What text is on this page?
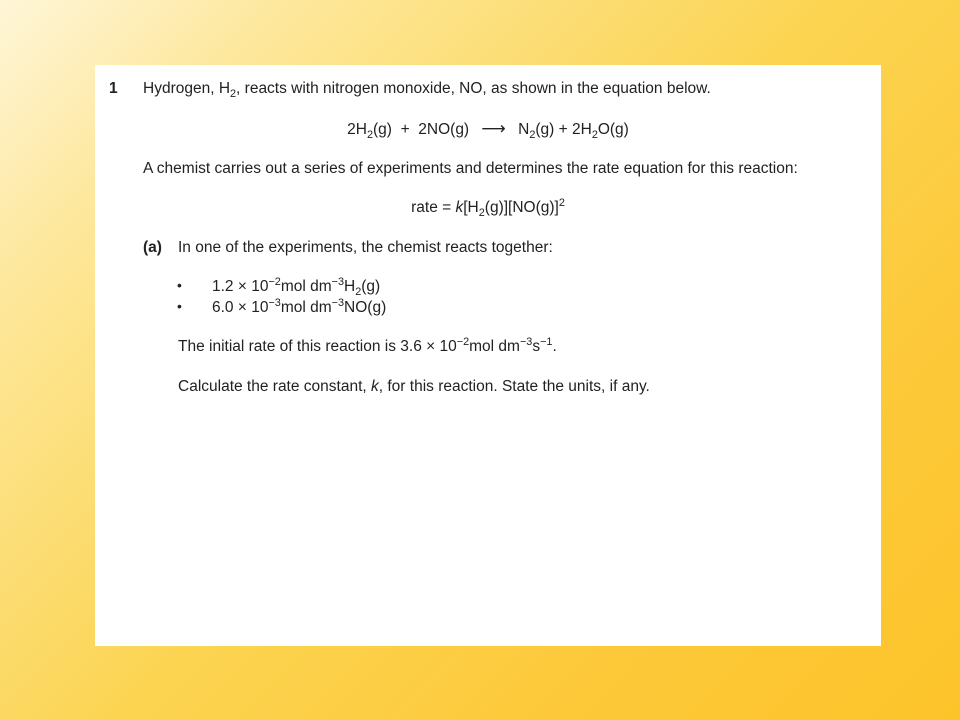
1 Hydrogen, $H_2$, reacts with nitrogen monoxide, NO, as shown in the equation below.
$2H_2(g) + 2NO(g)$ ⟶ $N_2(g) + 2H_2O(g)$
A chemist carries out a series of experiments and determines the rate equation for this reaction:
rate = $k[H_2(g)][NO(g)]^2$
(a) In one of the experiments, the chemist reacts together:
• $1.2 \times 10^{-2}mol$ $dm^{-3}H_2(g)$
• $6.0 \times 10^{-3}mol$ $dm^{-3}NO(g)$
The initial rate of this reaction is $3.6 \times 10^{-2}mol$ $dm^{-3}s^{-1}$.
Calculate the rate constant, k, for this reaction. State the units, if any.
